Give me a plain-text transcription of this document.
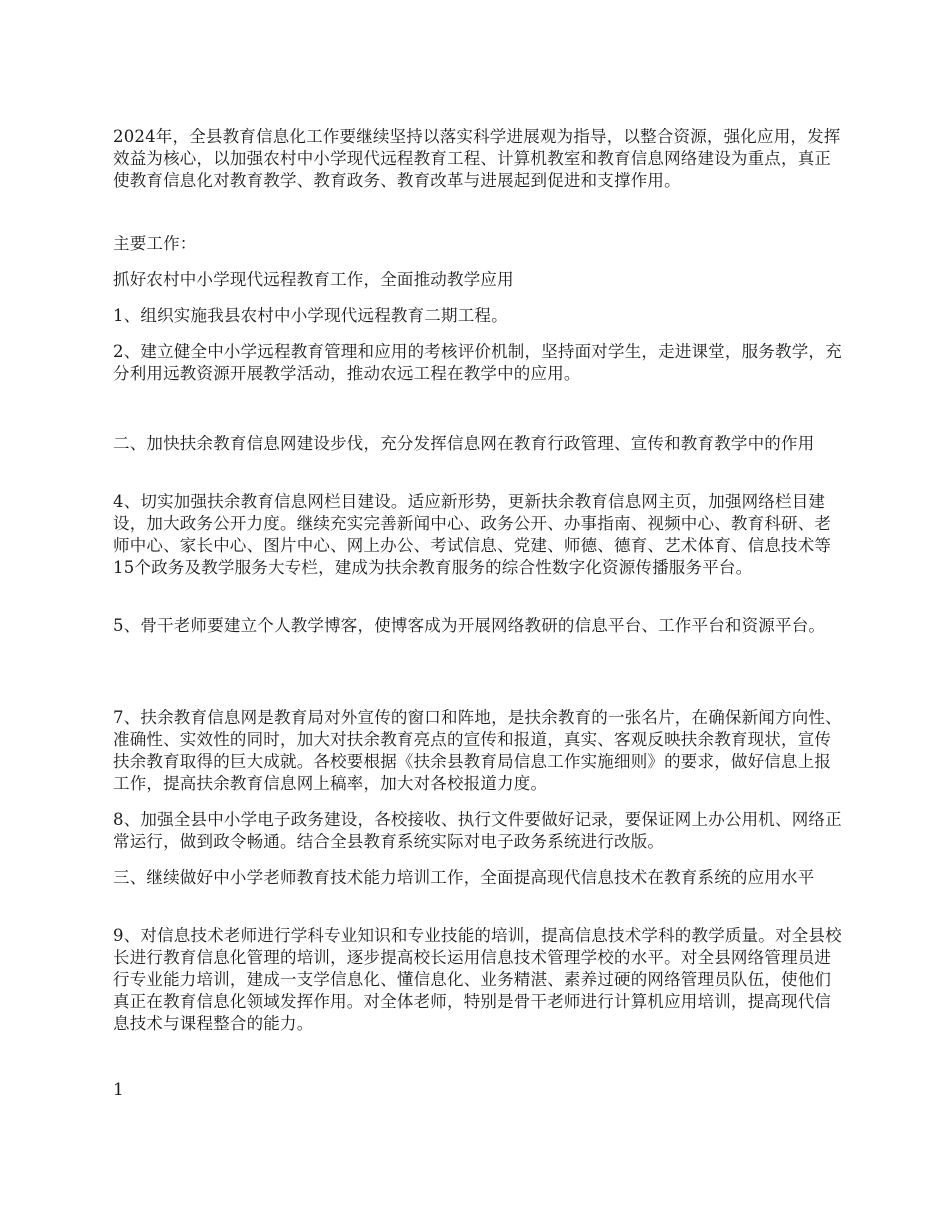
2024年，全县教育信息化工作要继续坚持以落实科学进展观为指导，以整合资源，强化应用，发挥效益为核心，以加强农村中小学现代远程教育工程、计算机教室和教育信息网络建设为重点，真正使教育信息化对教育教学、教育政务、教育改革与进展起到促进和支撑作用。

主要工作：

抓好农村中小学现代远程教育工作，全面推动教学应用

1、组织实施我县农村中小学现代远程教育二期工程。

2、建立健全中小学远程教育管理和应用的考核评价机制，坚持面对学生，走进课堂，服务教学，充分利用远教资源开展教学活动，推动农远工程在教学中的应用。

二、加快扶余教育信息网建设步伐，充分发挥信息网在教育行政管理、宣传和教育教学中的作用

4、切实加强扶余教育信息网栏目建设。适应新形势，更新扶余教育信息网主页，加强网络栏目建设，加大政务公开力度。继续充实完善新闻中心、政务公开、办事指南、视频中心、教育科研、老师中心、家长中心、图片中心、网上办公、考试信息、党建、师德、德育、艺术体育、信息技术等15个政务及教学服务大专栏，建成为扶余教育服务的综合性数字化资源传播服务平台。

5、骨干老师要建立个人教学博客，使博客成为开展网络教研的信息平台、工作平台和资源平台。

7、扶余教育信息网是教育局对外宣传的窗口和阵地，是扶余教育的一张名片，在确保新闻方向性、准确性、实效性的同时，加大对扶余教育亮点的宣传和报道，真实、客观反映扶余教育现状，宣传扶余教育取得的巨大成就。各校要根据《扶余县教育局信息工作实施细则》的要求，做好信息上报工作，提高扶余教育信息网上稿率，加大对各校报道力度。

8、加强全县中小学电子政务建设，各校接收、执行文件要做好记录，要保证网上办公用机、网络正常运行，做到政令畅通。结合全县教育系统实际对电子政务系统进行改版。

三、继续做好中小学老师教育技术能力培训工作，全面提高现代信息技术在教育系统的应用水平

9、对信息技术老师进行学科专业知识和专业技能的培训，提高信息技术学科的教学质量。对全县校长进行教育信息化管理的培训，逐步提高校长运用信息技术管理学校的水平。对全县网络管理员进行专业能力培训，建成一支学信息化、懂信息化、业务精湛、素养过硬的网络管理员队伍，使他们真正在教育信息化领域发挥作用。对全体老师，特别是骨干老师进行计算机应用培训，提高现代信息技术与课程整合的能力。

1
